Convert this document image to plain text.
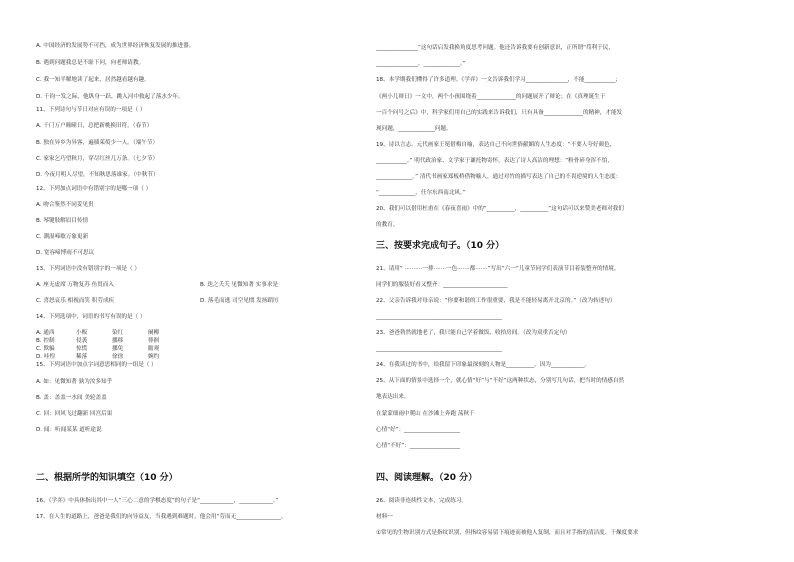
A. 中国经济的发展势不可挡，成为世界经济恢复发展的推进器。
B. 遇到问题我总是不耻下问，向老师请教。
C. 我一知半解地读了起来，居然越看越有趣。
D. 千钧一发之际，他纵身一跃，跳入河中救起了落水少年。
11、下列诗句与节日对应有误的一项是（ ）
A. 千门万户曈曈日，总把新桃换旧符。（春节）
B. 独在异乡为异客，遍插茱萸少一人。（端午节）
C. 家家乞巧望秋月，穿尽红丝几万条。（七夕节）
D. 今夜月明人尽望，不知秋思落谁家。（中秋节）
12、下列加点词语中有错别字的是哪一项（ ）
A. 吻合鉴然不同妥见贵
B. 琴键肢解眉目传情
C. 潮湿啼歇万象更新
D. 宽容啼博雨不可思议
13、下列词语中没有错别字的一项是（ ）
15、下列词语中加点字词意思相同的一组是（ ）
A. 如：见微知著 孰为汝多知乎
B. 盖：盖盖一水间 美轮盖盖
C. 回：回风飞过翻新 回宫后果
D. 闻：听闻某某 道听途说
16、《学弈》中具体指出其中一人“三心二意的学棋态度”的句子是“____________，____________。”
17、在人生的道路上，爸爸是我们的向导益友，当我遇到难题时，他会用“劳而无________________，
A. 座无虚席 万物复苏 鱼贯而入	B. 迭之夭夭 见微知著 实事求是
C. 喜怒哀乐 相视而笑 积劳成疾	D. 落毛而逃 司空见惯 发扬蹈厉
14、下列选项中，词语的书写有误的是（ ）
A. 通西	小贩	染红	阑柳
B. 控制	侵袭	挪移	徘徊
C. 欺骗	惊慌	挪免	瞻观
D. 哇惶	稀落	徐徐	婉约
二、根据所学的知识填空（10 分）
_______________”这句话启发我换角度思考问题。他还告诉我要有创新意识，正所谓“苟利于民，
_______________，_____________。”
18、本学期我们懂得了许多道理。《学弈》一文告诉我们学习_______________，不能___________；
《两小儿辩日》一文中，两个小孩围绕着______________的问题展开了辩论；在《真理诞生于
一百个问号之后》中，科学家们用自己的实践来告诉我们，只有具备______________的精神，才能发
现问题，_____________问题。
19、诗以言志。元代画家王冕借梅自喻，表达自己不向世俗献媚的人生态度：“不要人夸好颜色，
___________。” 明代政治家、文学家于谦托物寄怀，表达了诗人高洁的理想：“粉骨碎身浑不怕，
_____________。” 清代书画家郑板桥借物喻人，通过对竹的描写表达了自己的不畏逆境的人生态度：
“_____________，任尔东西南北风。”
20、我们可以借用杜甫在《春夜喜雨》中的“__________，__________”这句话可以来赞美老师对我们
的教育。
21、请用“ ··········一排·······一色·······都·······”写出“六一”儿童节同学们表演节目着装整齐的情境。
同学们的服装好看又整齐：_______________________
22、父亲告诉我对母亲说：“你要和谐的工作很重要，我是不能轻易离开北京的。”（改为转述句）
_____________________________________________
23、爸爸勃然就地老了，我只能自己学着做饭、收拾房间。（改为双重否定句）
_____________________________________________
24、在我读过的书中，给我留下印象最深刻的人物是__________，因为____________。
25、从下面的情景中选择一个，就心情“好”与“不好”这两种状态，分别写几句话，把当时的情感自然
地表达出来。
在蒙蒙细雨中爬山 在沙滩上奔跑 荡秋千
心情“好”：____________________
心情“不好”：__________________
26、阅读非连续性文本，完成练习。
材料一
①常见的生物识别方式是指纹识别，但指纹容易留下痕迹而被他人复制，而且对手指的清洁度、干燥度要求
三、按要求完成句子。（10 分）
四、阅读理解。（20 分）
